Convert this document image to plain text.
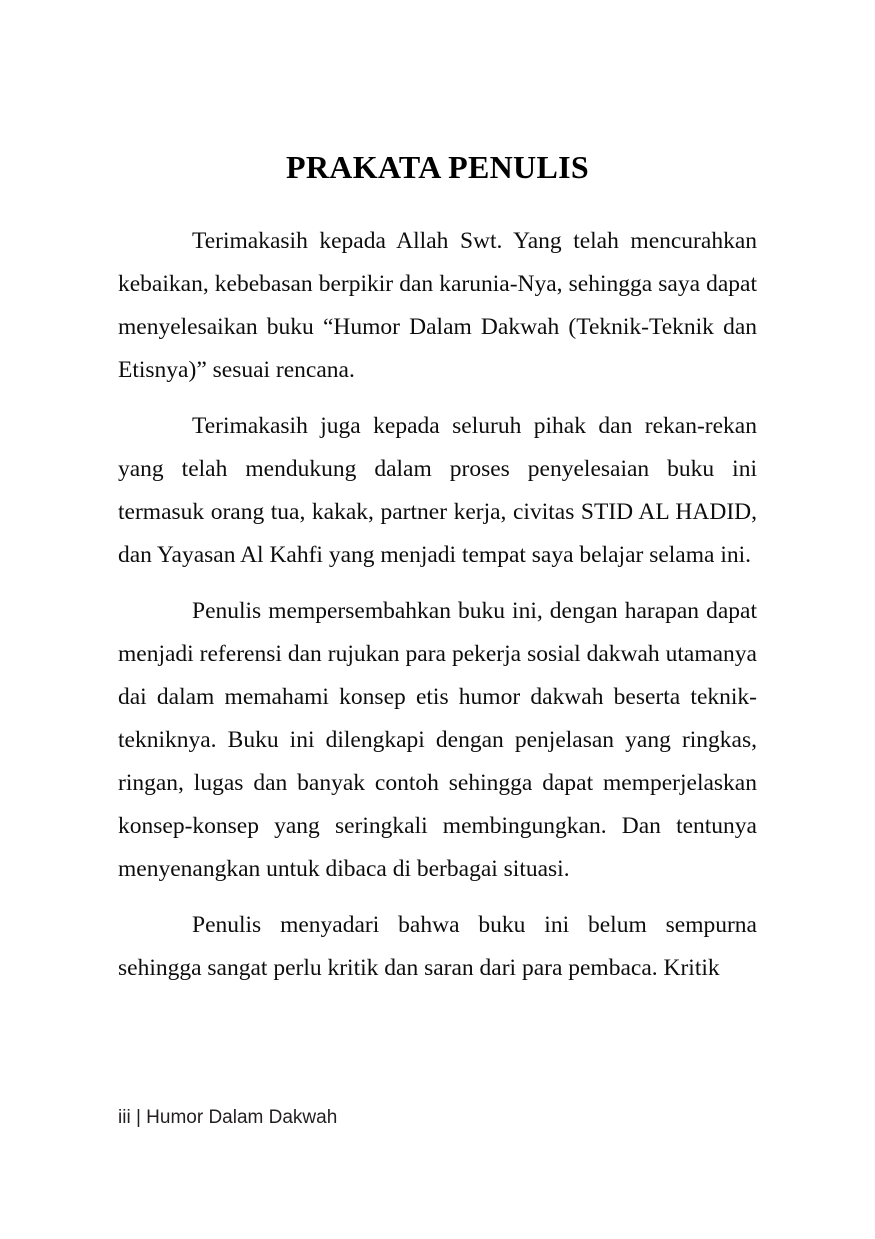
PRAKATA PENULIS

Terimakasih kepada Allah Swt. Yang telah mencurahkan kebaikan, kebebasan berpikir dan karunia-Nya, sehingga saya dapat menyelesaikan buku “Humor Dalam Dakwah (Teknik-Teknik dan Etisnya)” sesuai rencana.

Terimakasih juga kepada seluruh pihak dan rekan-rekan yang telah mendukung dalam proses penyelesaian buku ini termasuk orang tua, kakak, partner kerja, civitas STID AL HADID, dan Yayasan Al Kahfi yang menjadi tempat saya belajar selama ini.

Penulis mempersembahkan buku ini, dengan harapan dapat menjadi referensi dan rujukan para pekerja sosial dakwah utamanya dai dalam memahami konsep etis humor dakwah beserta teknik-tekniknya. Buku ini dilengkapi dengan penjelasan yang ringkas, ringan, lugas dan banyak contoh sehingga dapat memperjelaskan konsep-konsep yang seringkali membingungkan. Dan tentunya menyenangkan untuk dibaca di berbagai situasi.

Penulis menyadari bahwa buku ini belum sempurna sehingga sangat perlu kritik dan saran dari para pembaca. Kritik

iii | Humor Dalam Dakwah
